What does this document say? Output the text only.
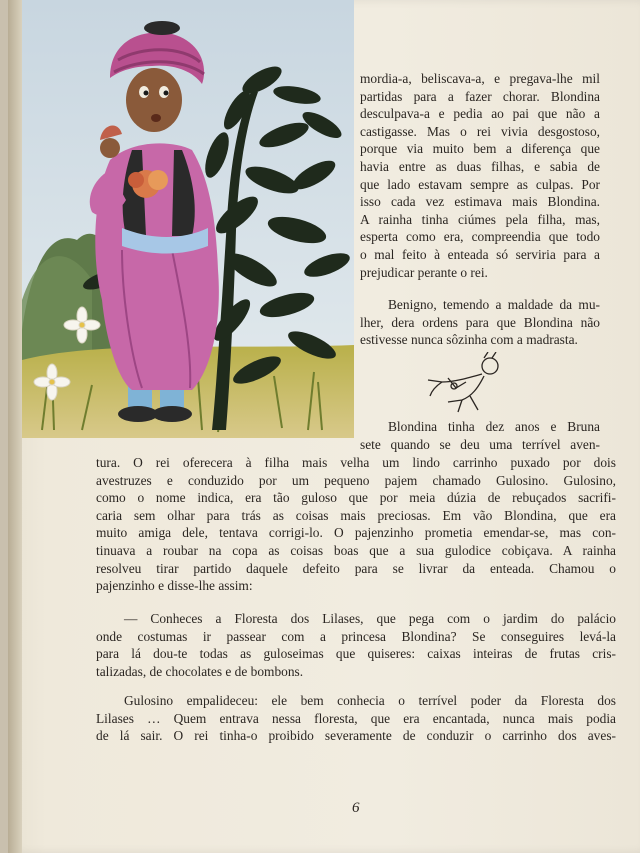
mordia-a, beliscava-a, e pregava-lhe mil
partidas para a fazer chorar. Blondina
desculpava-a e pedia ao pai que não a
castigasse. Mas o rei vivia desgostoso,
porque via muito bem a diferença que
havia entre as duas filhas, e sabia de
que lado estavam sempre as culpas. Por
isso cada vez estimava mais Blondina.
A rainha tinha ciúmes pela filha, mas,
esperta como era, compreendia que todo
o mal feito à enteada só serviria para a
prejudicar perante o rei.
Benigno, temendo a maldade da mu-
lher, dera ordens para que Blondina não
estivesse nunca sôzinha com a madrasta.
Blondina tinha dez anos e Bruna
sete quando se deu uma terrível aven-
tura. O rei oferecera à filha mais velha um lindo carrinho puxado por dois
avestruzes e conduzido por um pequeno pajem chamado Gulosino. Gulosino,
como o nome indica, era tão guloso que por meia dúzia de rebuçados sacrifi-
caria sem olhar para trás as coisas mais preciosas. Em vão Blondina, que era
muito amiga dele, tentava corrigi-lo. O pajenzinho prometia emendar-se, mas con-
tinuava a roubar na copa as coisas boas que a sua gulodice cobiçava. A rainha
resolveu tirar partido daquele defeito para se livrar da enteada. Chamou o
pajenzinho e disse-lhe assim:
— Conheces a Floresta dos Lilases, que pega com o jardim do palácio
onde costumas ir passear com a princesa Blondina? Se conseguires levá-la
para lá dou-te todas as guloseimas que quiseres: caixas inteiras de frutas cris-
talizadas, de chocolates e de bombons.
Gulosino empalideceu: ele bem conhecia o terrível poder da Floresta dos
Lilases … Quem entrava nessa floresta, que era encantada, nunca mais podia
de lá sair. O rei tinha-o proibido severamente de conduzir o carrinho dos aves-
6
